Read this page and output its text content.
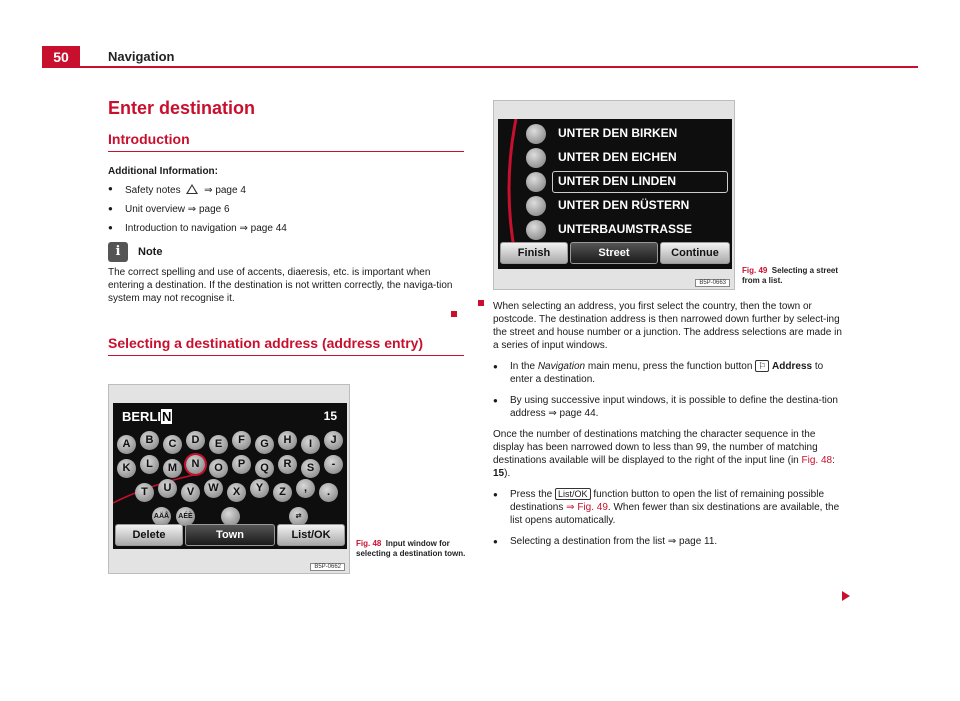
50	Navigation
Enter destination
Introduction
Additional Information:
● Safety notes ⇒ page 4
● Unit overview ⇒ page 6
● Introduction to navigation ⇒ page 44
i	Note
The correct spelling and use of accents, diaeresis, etc. is important when entering a destination. If the destination is not written correctly, the naviga-tion system may not recognise it.
Selecting a destination address (address entry)
BERLIN	15
A	B	C	D	E	F	G	H	I	J
K	L	M	N	O	P	Q	R	S	-
T	U	V	W	X	Y	Z	,	.
AÄÅ	AÉÈ	⇄
Delete	Town	List/OK
B5P-0662
Fig. 48 Input window for selecting a destination town.
UNTER DEN BIRKEN
UNTER DEN EICHEN
UNTER DEN LINDEN
UNTER DEN RÜSTERN
UNTERBAUMSTRASSE
Finish	Street	Continue
B5P-0663
Fig. 49 Selecting a street from a list.
When selecting an address, you first select the country, then the town or postcode. The destination address is then narrowed down further by select-ing the street and house number or a junction. The address selections are made in a series of input windows.
● In the Navigation main menu, press the function button ⚐ Address to enter a destination.
● By using successive input windows, it is possible to define the destina-tion address ⇒ page 44.
Once the number of destinations matching the character sequence in the display has been narrowed down to less than 99, the number of matching destinations available will be displayed to the right of the input line (in Fig. 48: 15).
● Press the List/OK function button to open the list of remaining possible destinations ⇒ Fig. 49. When fewer than six destinations are available, the list opens automatically.
● Selecting a destination from the list ⇒ page 11.
